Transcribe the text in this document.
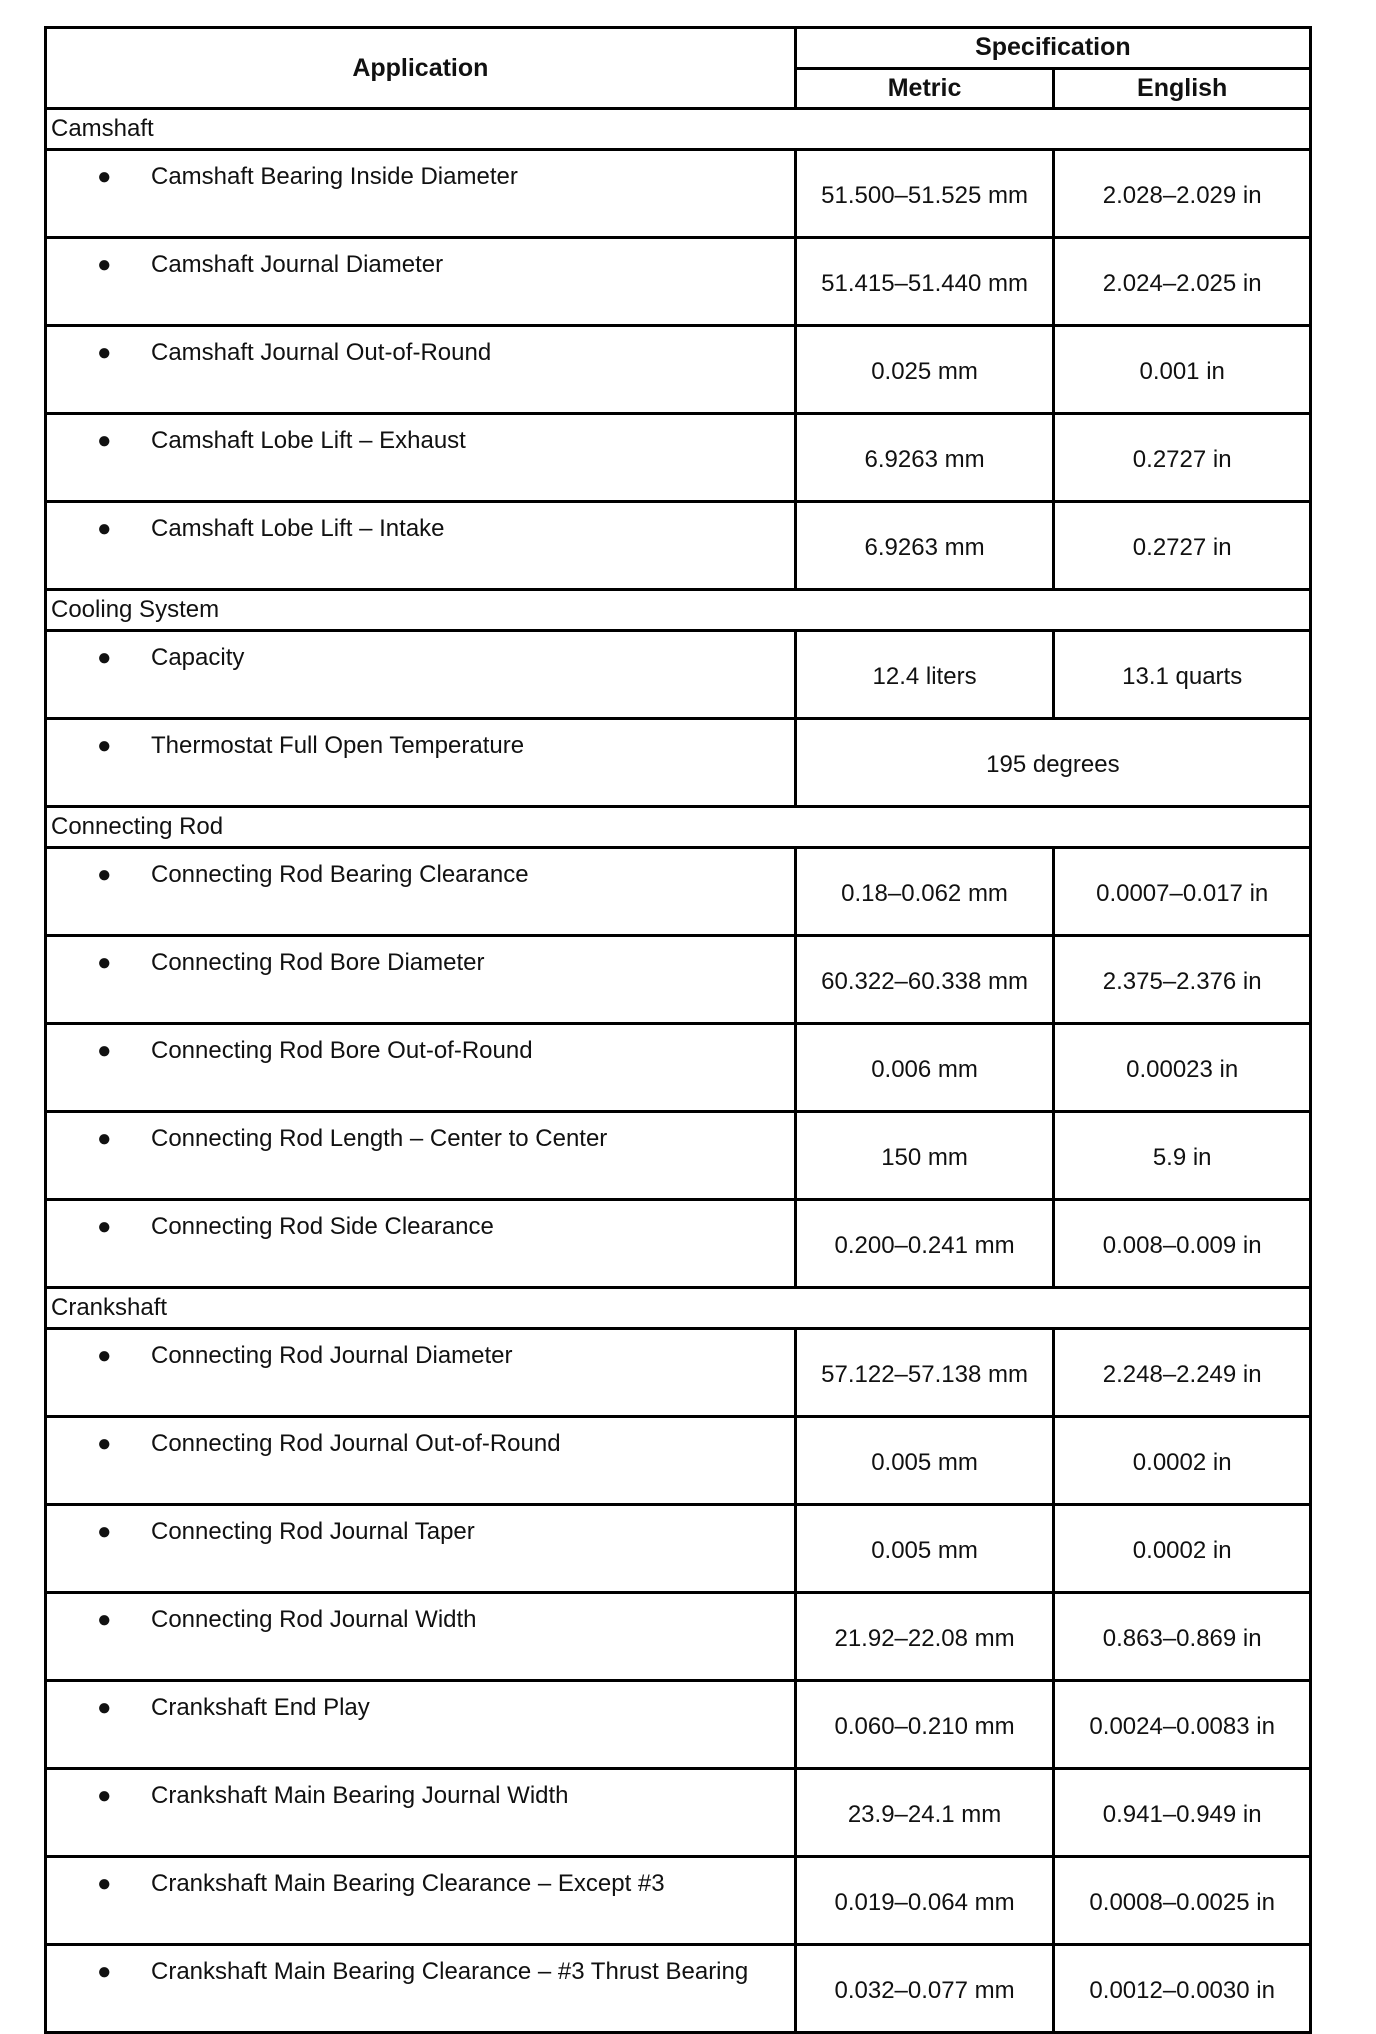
Application	Specification	
	Metric	English
Camshaft		

● Camshaft Bearing Inside Diameter	51.500–51.525 mm	2.028–2.029 in

● Camshaft Journal Diameter	51.415–51.440 mm	2.024–2.025 in

● Camshaft Journal Out-of-Round	0.025 mm	0.001 in

● Camshaft Lobe Lift – Exhaust	6.9263 mm	0.2727 in

● Camshaft Lobe Lift – Intake	6.9263 mm	0.2727 in
Cooling System		

● Capacity	12.4 liters	13.1 quarts

● Thermostat Full Open Temperature	195 degrees	
Connecting Rod		

● Connecting Rod Bearing Clearance	0.18–0.062 mm	0.0007–0.017 in

● Connecting Rod Bore Diameter	60.322–60.338 mm	2.375–2.376 in

● Connecting Rod Bore Out-of-Round	0.006 mm	0.00023 in

● Connecting Rod Length – Center to Center	150 mm	5.9 in

● Connecting Rod Side Clearance	0.200–0.241 mm	0.008–0.009 in
Crankshaft		

● Connecting Rod Journal Diameter	57.122–57.138 mm	2.248–2.249 in

● Connecting Rod Journal Out-of-Round	0.005 mm	0.0002 in

● Connecting Rod Journal Taper	0.005 mm	0.0002 in

● Connecting Rod Journal Width	21.92–22.08 mm	0.863–0.869 in

● Crankshaft End Play	0.060–0.210 mm	0.0024–0.0083 in

● Crankshaft Main Bearing Journal Width	23.9–24.1 mm	0.941–0.949 in

● Crankshaft Main Bearing Clearance – Except #3	0.019–0.064 mm	0.0008–0.0025 in

● Crankshaft Main Bearing Clearance – #3 Thrust Bearing	0.032–0.077 mm	0.0012–0.0030 in
